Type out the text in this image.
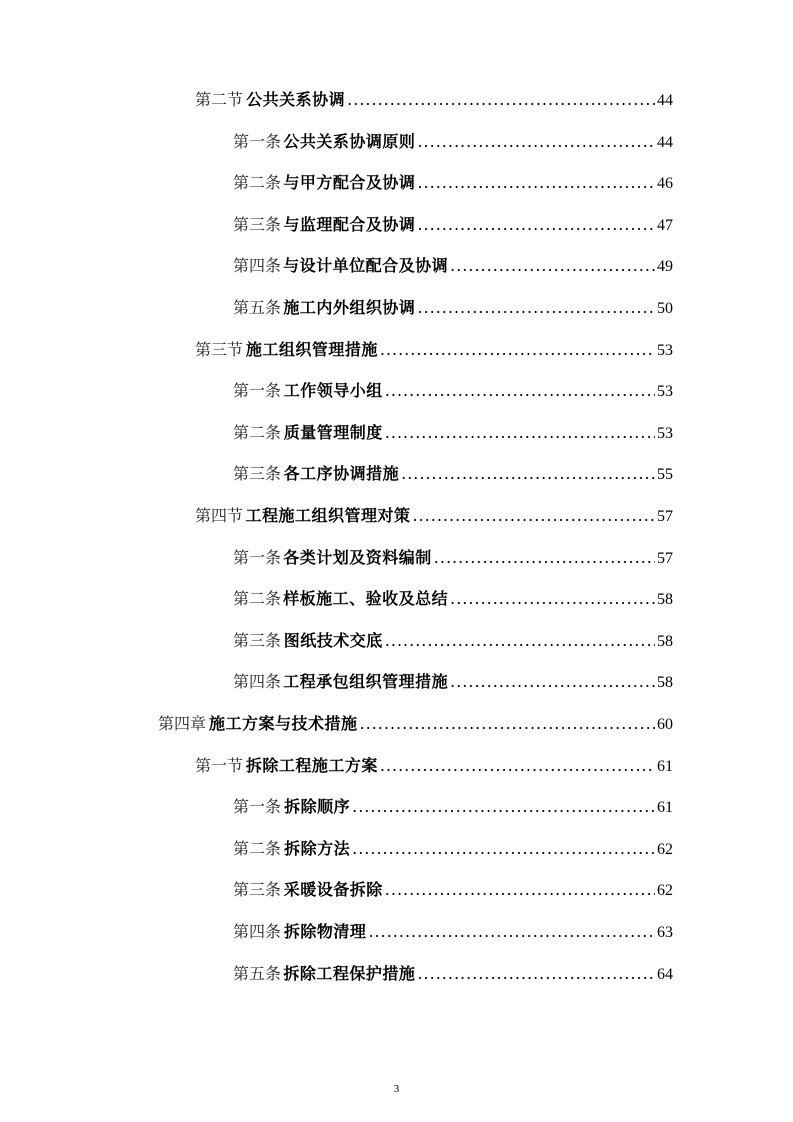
第二节 公共关系协调 .....	44
第一条 公共关系协调原则 .....	44
第二条 与甲方配合及协调 .....	46
第三条 与监理配合及协调 .....	47
第四条 与设计单位配合及协调 .....	49
第五条 施工内外组织协调 .....	50
第三节 施工组织管理措施 .....	53
第一条 工作领导小组 .....	53
第二条 质量管理制度 .....	53
第三条 各工序协调措施 .....	55
第四节 工程施工组织管理对策 .....	57
第一条 各类计划及资料编制 .....	57
第二条 样板施工、验收及总结 .....	58
第三条 图纸技术交底 .....	58
第四条 工程承包组织管理措施 .....	58
第四章 施工方案与技术措施 .....	60
第一节 拆除工程施工方案 .....	61
第一条 拆除顺序 .....	61
第二条 拆除方法 .....	62
第三条 采暖设备拆除 .....	62
第四条 拆除物清理 .....	63
第五条 拆除工程保护措施 .....	64
3
